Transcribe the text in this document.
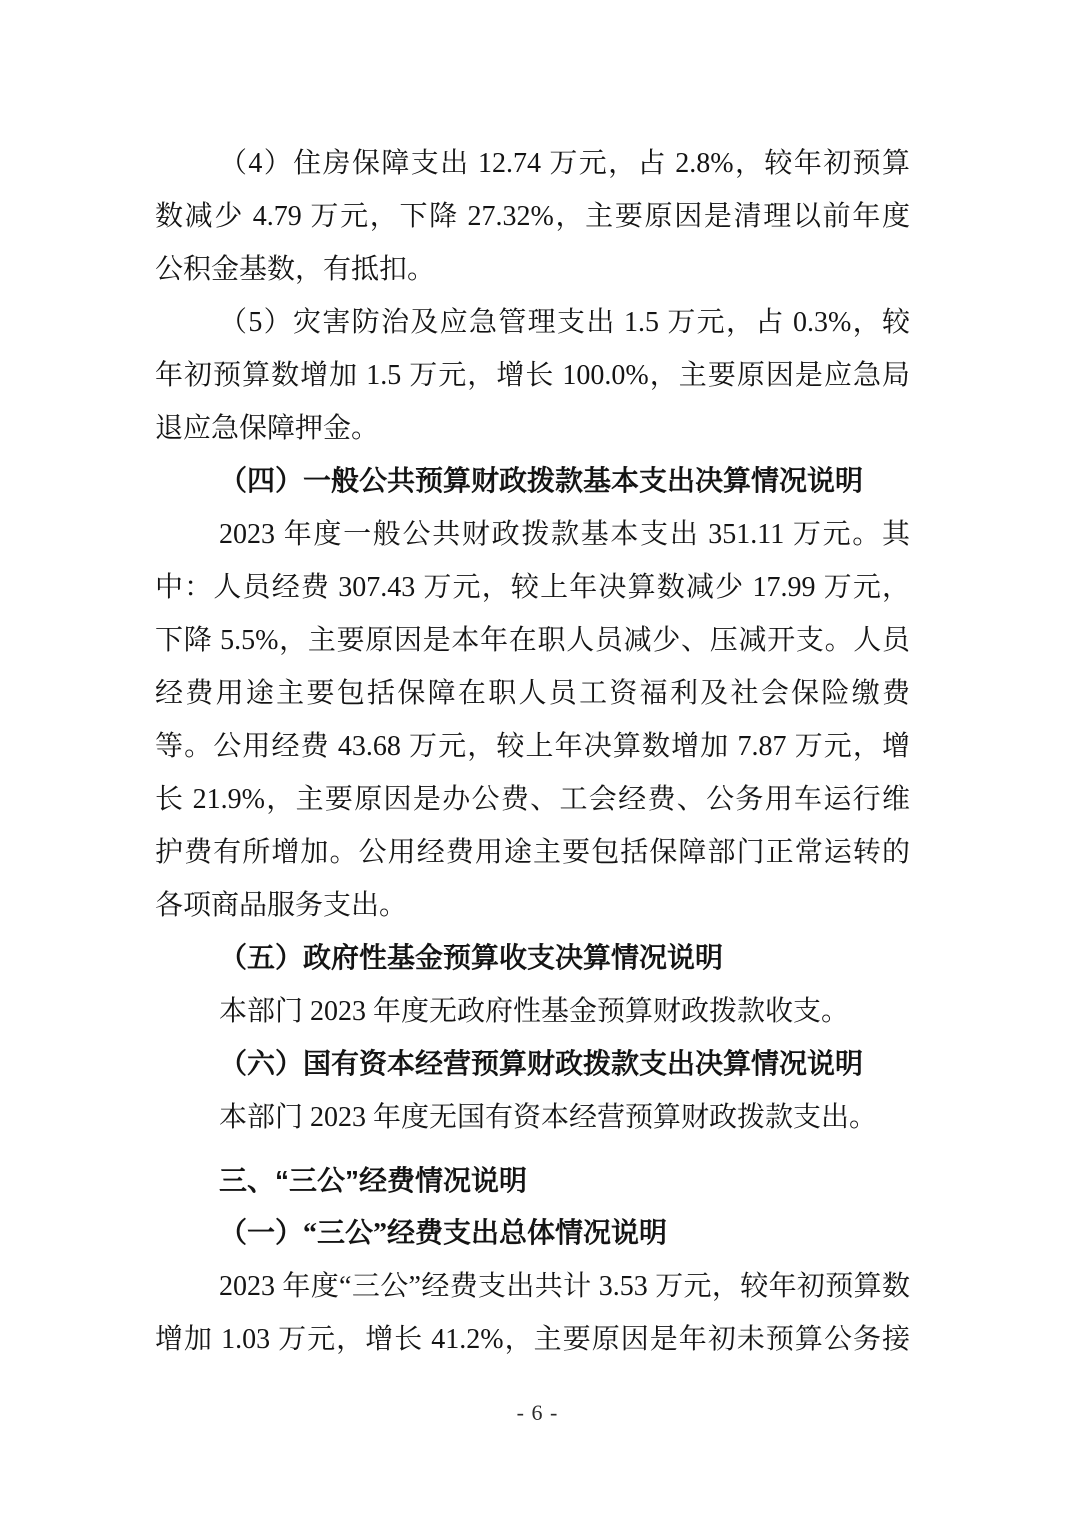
（4）住房保障支出 12.74 万元，占 2.8%，较年初预算
数减少 4.79 万元，下降 27.32%，主要原因是清理以前年度
公积金基数，有抵扣。
（5）灾害防治及应急管理支出 1.5 万元，占 0.3%，较
年初预算数增加 1.5 万元，增长 100.0%，主要原因是应急局
退应急保障押金。
（四）一般公共预算财政拨款基本支出决算情况说明
2023 年度一般公共财政拨款基本支出 351.11 万元。其
中：人员经费 307.43 万元，较上年决算数减少 17.99 万元，
下降 5.5%，主要原因是本年在职人员减少、压减开支。人员
经费用途主要包括保障在职人员工资福利及社会保险缴费
等。公用经费 43.68 万元，较上年决算数增加 7.87 万元，增
长 21.9%，主要原因是办公费、工会经费、公务用车运行维
护费有所增加。公用经费用途主要包括保障部门正常运转的
各项商品服务支出。
（五）政府性基金预算收支决算情况说明
本部门 2023 年度无政府性基金预算财政拨款收支。
（六）国有资本经营预算财政拨款支出决算情况说明
本部门 2023 年度无国有资本经营预算财政拨款支出。
三、“三公”经费情况说明
（一）“三公”经费支出总体情况说明
2023 年度“三公”经费支出共计 3.53 万元，较年初预算数
增加 1.03 万元，增长 41.2%，主要原因是年初未预算公务接
- 6 -
